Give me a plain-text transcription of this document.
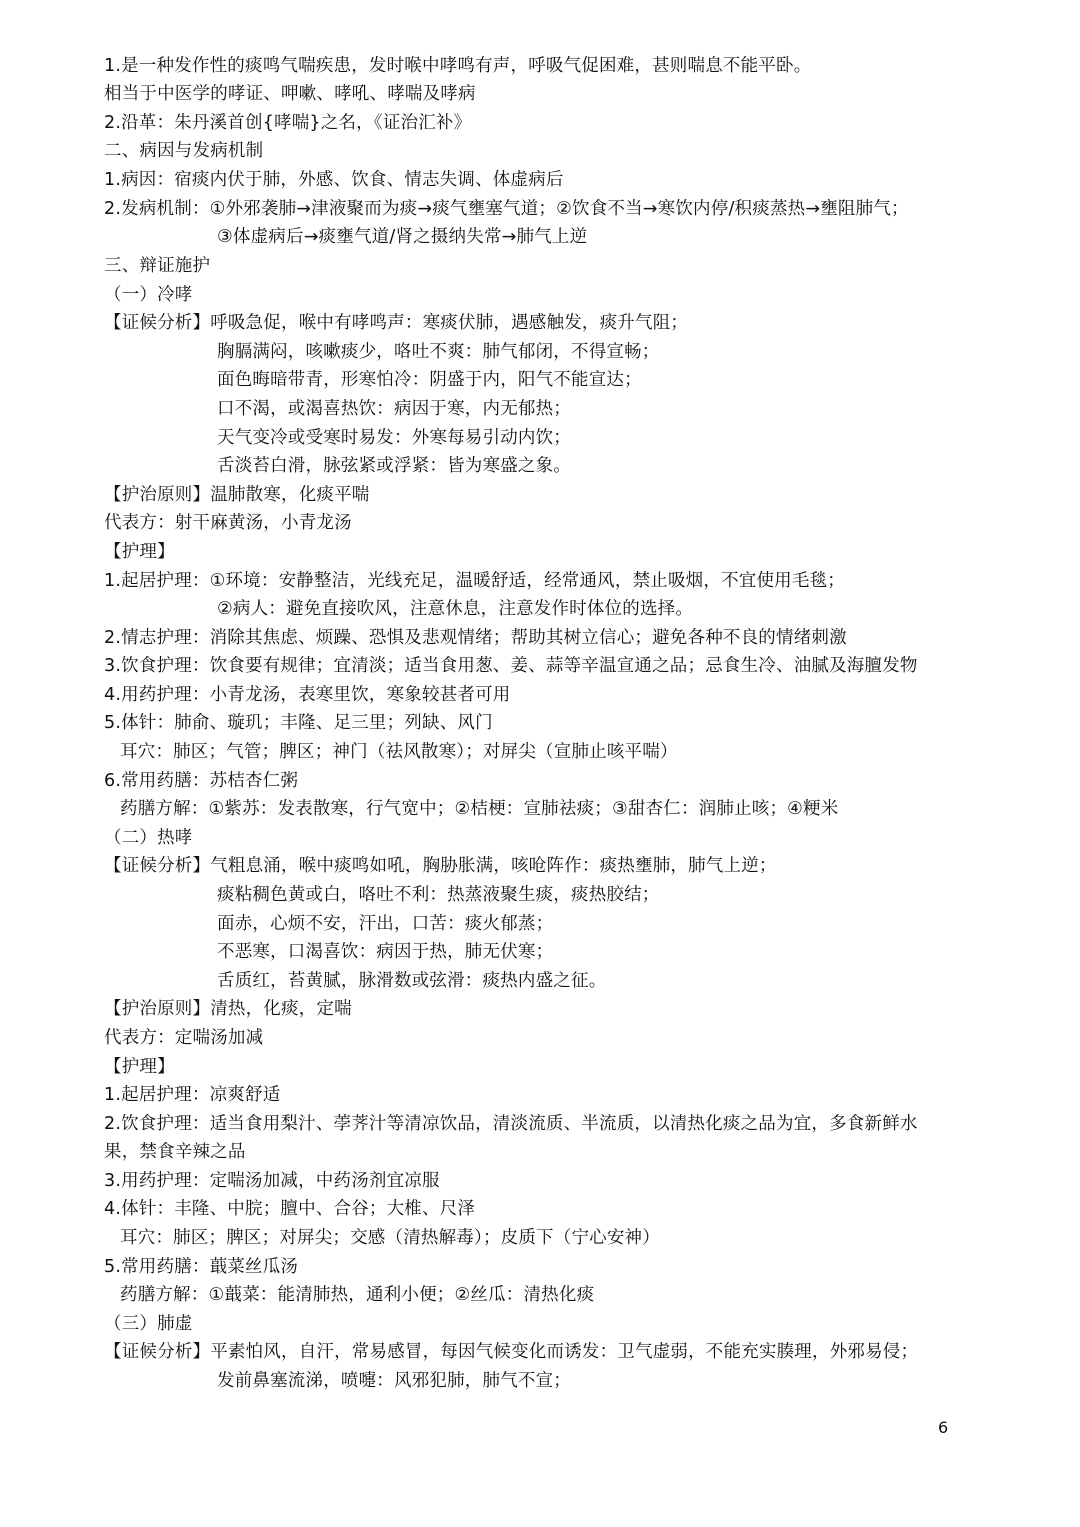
1.是一种发作性的痰鸣气喘疾患，发时喉中哮鸣有声，呼吸气促困难，甚则喘息不能平卧。
相当于中医学的哮证、呷嗽、哮吼、哮喘及哮病
2.沿革：朱丹溪首创{哮喘}之名，《证治汇补》
二、病因与发病机制
1.病因：宿痰内伏于肺，外感、饮食、情志失调、体虚病后
2.发病机制：①外邪袭肺→津液聚而为痰→痰气壅塞气道；②饮食不当→寒饮内停/积痰蒸热→壅阻肺气；
③体虚病后→痰壅气道/肾之摄纳失常→肺气上逆
三、辩证施护
（一）冷哮
【证候分析】呼吸急促，喉中有哮鸣声：寒痰伏肺，遇感触发，痰升气阻；
胸膈满闷，咳嗽痰少，咯吐不爽：肺气郁闭，不得宣畅；
面色晦暗带青，形寒怕冷：阴盛于内，阳气不能宣达；
口不渴，或渴喜热饮：病因于寒，内无郁热；
天气变冷或受寒时易发：外寒每易引动内饮；
舌淡苔白滑，脉弦紧或浮紧：皆为寒盛之象。
【护治原则】温肺散寒，化痰平喘
代表方：射干麻黄汤，小青龙汤
【护理】
1.起居护理：①环境：安静整洁，光线充足，温暖舒适，经常通风，禁止吸烟，不宜使用毛毯；
②病人：避免直接吹风，注意休息，注意发作时体位的选择。
2.情志护理：消除其焦虑、烦躁、恐惧及悲观情绪；帮助其树立信心；避免各种不良的情绪刺激
3.饮食护理：饮食要有规律；宜清淡；适当食用葱、姜、蒜等辛温宣通之品；忌食生冷、油腻及海膻发物
4.用药护理：小青龙汤，表寒里饮，寒象较甚者可用
5.体针：肺俞、璇玑；丰隆、足三里；列缺、风门
耳穴：肺区；气管；脾区；神门（祛风散寒）；对屏尖（宣肺止咳平喘）
6.常用药膳：苏桔杏仁粥
药膳方解：①紫苏：发表散寒，行气宽中；②桔梗：宣肺祛痰；③甜杏仁：润肺止咳；④粳米
（二）热哮
【证候分析】气粗息涌，喉中痰鸣如吼，胸胁胀满，咳呛阵作：痰热壅肺，肺气上逆；
痰粘稠色黄或白，咯吐不利：热蒸液聚生痰，痰热胶结；
面赤，心烦不安，汗出，口苦：痰火郁蒸；
不恶寒，口渴喜饮：病因于热，肺无伏寒；
舌质红，苔黄腻，脉滑数或弦滑：痰热内盛之征。
【护治原则】清热，化痰，定喘
代表方：定喘汤加减
【护理】
1.起居护理：凉爽舒适
2.饮食护理：适当食用梨汁、荸荠汁等清凉饮品，清淡流质、半流质，以清热化痰之品为宜，多食新鲜水
果，禁食辛辣之品
3.用药护理：定喘汤加减，中药汤剂宜凉服
4.体针：丰隆、中脘；膻中、合谷；大椎、尺泽
耳穴：肺区；脾区；对屏尖；交感（清热解毒）；皮质下（宁心安神）
5.常用药膳：蕺菜丝瓜汤
药膳方解：①蕺菜：能清肺热，通利小便；②丝瓜：清热化痰
（三）肺虚
【证候分析】平素怕风，自汗，常易感冒，每因气候变化而诱发：卫气虚弱，不能充实腠理，外邪易侵；
发前鼻塞流涕，喷嚏：风邪犯肺，肺气不宣；
6
